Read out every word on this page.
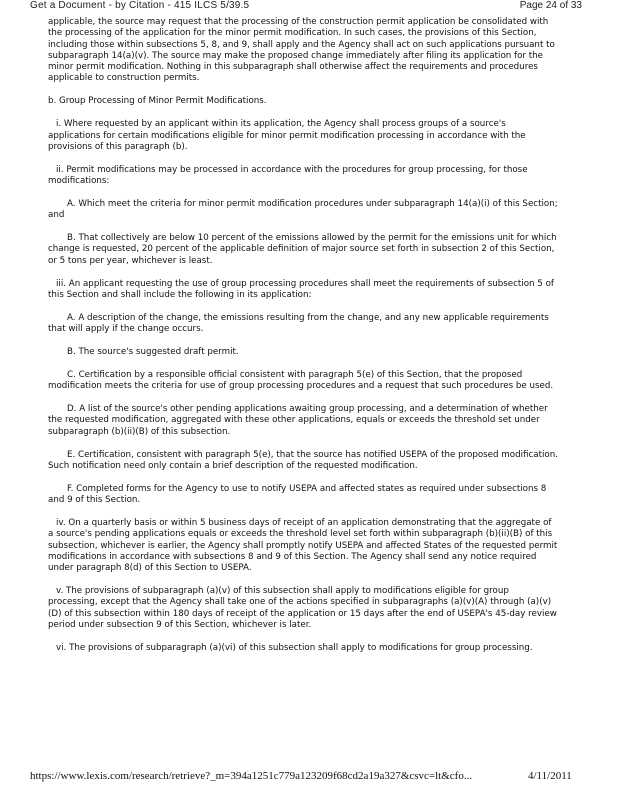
Get a Document - by Citation - 415 ILCS 5/39.5	Page 24 of 33

applicable, the source may request that the processing of the construction permit application be consolidated with the processing of the application for the minor permit modification. In such cases, the provisions of this Section, including those within subsections 5, 8, and 9, shall apply and the Agency shall act on such applications pursuant to subparagraph 14(a)(v). The source may make the proposed change immediately after filing its application for the minor permit modification. Nothing in this subparagraph shall otherwise affect the requirements and procedures applicable to construction permits.

b. Group Processing of Minor Permit Modifications.

i. Where requested by an applicant within its application, the Agency shall process groups of a source's applications for certain modifications eligible for minor permit modification processing in accordance with the provisions of this paragraph (b).

ii. Permit modifications may be processed in accordance with the procedures for group processing, for those modifications:

A. Which meet the criteria for minor permit modification procedures under subparagraph 14(a)(i) of this Section; and

B. That collectively are below 10 percent of the emissions allowed by the permit for the emissions unit for which change is requested, 20 percent of the applicable definition of major source set forth in subsection 2 of this Section, or 5 tons per year, whichever is least.

iii. An applicant requesting the use of group processing procedures shall meet the requirements of subsection 5 of this Section and shall include the following in its application:

A. A description of the change, the emissions resulting from the change, and any new applicable requirements that will apply if the change occurs.

B. The source's suggested draft permit.

C. Certification by a responsible official consistent with paragraph 5(e) of this Section, that the proposed modification meets the criteria for use of group processing procedures and a request that such procedures be used.

D. A list of the source's other pending applications awaiting group processing, and a determination of whether the requested modification, aggregated with these other applications, equals or exceeds the threshold set under subparagraph (b)(ii)(B) of this subsection.

E. Certification, consistent with paragraph 5(e), that the source has notified USEPA of the proposed modification. Such notification need only contain a brief description of the requested modification.

F. Completed forms for the Agency to use to notify USEPA and affected states as required under subsections 8 and 9 of this Section.

iv. On a quarterly basis or within 5 business days of receipt of an application demonstrating that the aggregate of a source's pending applications equals or exceeds the threshold level set forth within subparagraph (b)(ii)(B) of this subsection, whichever is earlier, the Agency shall promptly notify USEPA and affected States of the requested permit modifications in accordance with subsections 8 and 9 of this Section. The Agency shall send any notice required under paragraph 8(d) of this Section to USEPA.

v. The provisions of subparagraph (a)(v) of this subsection shall apply to modifications eligible for group processing, except that the Agency shall take one of the actions specified in subparagraphs (a)(v)(A) through (a)(v)(D) of this subsection within 180 days of receipt of the application or 15 days after the end of USEPA's 45-day review period under subsection 9 of this Section, whichever is later.

vi. The provisions of subparagraph (a)(vi) of this subsection shall apply to modifications for group processing.

https://www.lexis.com/research/retrieve?_m=394a1251c779a123209f68cd2a19a327&csvc=lt&cfo...	4/11/2011
